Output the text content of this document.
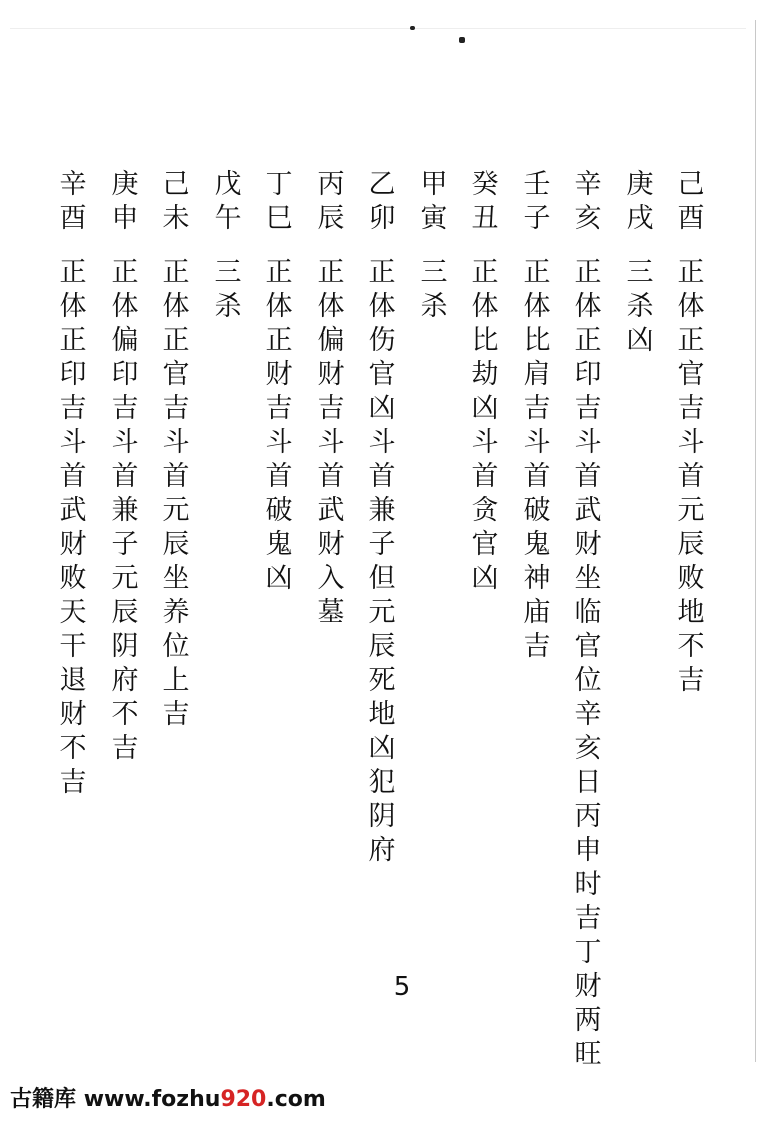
己
酉
正
体
正
官
吉
斗
首
元
辰
败
地
不
吉
庚
戌
三
杀
凶
辛
亥
正
体
正
印
吉
斗
首
武
财
坐
临
官
位
辛
亥
日
丙
申
时
吉
丁
财
两
旺
壬
子
正
体
比
肩
吉
斗
首
破
鬼
神
庙
吉
癸
丑
正
体
比
劫
凶
斗
首
贪
官
凶
甲
寅
三
杀
乙
卯
正
体
伤
官
凶
斗
首
兼
子
但
元
辰
死
地
凶
犯
阴
府
丙
辰
正
体
偏
财
吉
斗
首
武
财
入
墓
丁
巳
正
体
正
财
吉
斗
首
破
鬼
凶
戊
午
三
杀
己
未
正
体
正
官
吉
斗
首
元
辰
坐
养
位
上
吉
庚
申
正
体
偏
印
吉
斗
首
兼
子
元
辰
阴
府
不
吉
辛
酉
正
体
正
印
吉
斗
首
武
财
败
天
干
退
财
不
吉
5
古籍库 www.fozhu920.com
